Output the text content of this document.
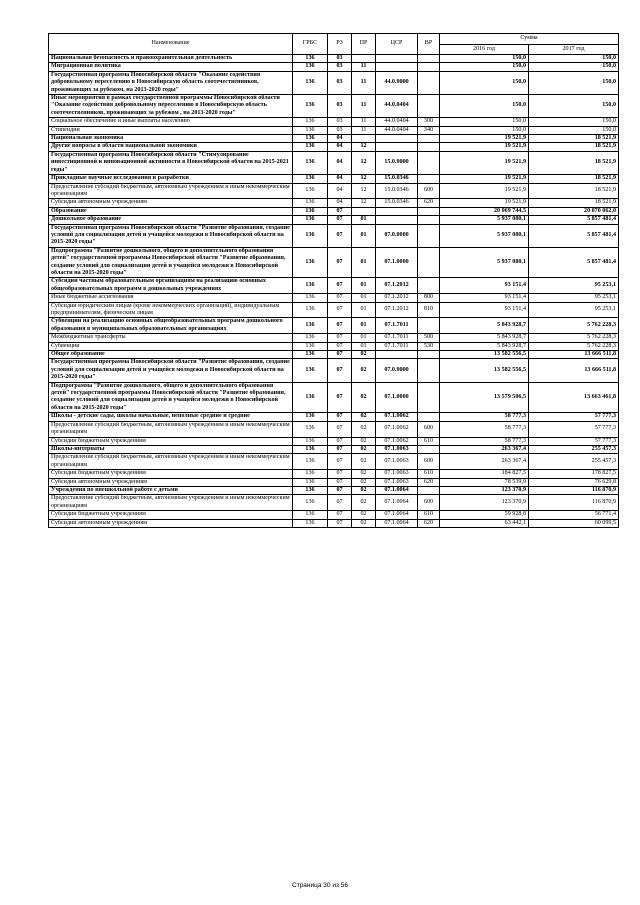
Наименование	ГРБС	РЗ	ПР	ЦСР	ВР	Сумма	
						2016 год	2017 год
Национальная безопасность и правоохранительная деятельность	136	03				150,0	150,0
Миграционная политика	136	03	11			150,0	150,0
Государственная программа Новосибирской области "Оказание содействия добровольному переселению в Новосибирскую область соотечественников, проживающих за рубежом, на 2013-2020 годы"	136	03	11	44.0.0000		150,0	150,0
Иные мероприятия в рамках государственной программы Новосибирской области "Оказание содействия добровольному переселению в Новосибирскую область соотечественников, проживающих за рубежом , на 2013-2020 годы"	136	03	11	44.0.0404		150,0	150,0
Социальное обеспечение и иные выплаты населению	136	03	11	44.0.0404	300	150,0	150,0
Стипендии	136	03	11	44.0.0404	340	150,0	150,0
Национальная экономика	136	04				19 521,9	18 521,9
Другие вопросы в области национальной экономики	136	04	12			19 521,9	18 521,9
Государственная программа Новосибирской области "Стимулирование инвестиционной и инновационной активности в Новосибирской области на 2015-2021 годы"	136	04	12	15.0.0000		19 521,9	18 521,9
Прикладные научные исследования и разработки	136	04	12	15.0.0346		19 521,9	18 521,9
Предоставление субсидий бюджетным, автономным учреждениям и иным некоммерческим организациям	136	04	12	15.0.0346	600	19 521,9	18 521,9
Субсидии автономным учреждениям	136	04	12	15.0.0346	620	19 521,9	18 521,9
Образование	136	07				20 069 744,5	20 070 062,0
Дошкольное образование	136	07	01			5 937 080,1	5 857 481,4
Государственная программа Новосибирской области "Развитие образования, создание условий для социализации детей и учащейся молодежи в Новосибирской области на 2015-2020 годы"	136	07	01	07.0.0000		5 937 080,1	5 857 481,4
Подпрограмма "Развитие дошкольного, общего и дополнительного образования детей" государственной программы Новосибирской области "Развитие образования, создание условий для социализации детей и учащейся молодежи в Новосибирской области на 2015-2020 годы"	136	07	01	07.1.0000		5 937 080,1	5 857 481,4
Субсидии частным образовательным организациям на реализацию основных общеобразовательных программ в дошкольных учреждениях	136	07	01	07.1.2012		93 151,4	95 253,1
Иные бюджетные ассигнования	136	07	01	07.1.2012	800	93 151,4	95 253,1
Субсидии юридическим лицам (кроме некоммерческих организаций), индивидуальным предпринимателям, физическим лицам	136	07	01	07.1.2012	810	93 151,4	95 253,1
Субвенции на реализацию основных общеобразовательных программ дошкольного образования в муниципальных образовательных организациях	136	07	01	07.1.7011		5 843 928,7	5 762 228,3
Межбюджетные трансферты	136	07	01	07.1.7011	500	5 843 928,7	5 762 228,3
Субвенции	136	07	01	07.1.7011	530	5 843 928,7	5 762 228,3
Общее образование	136	07	02			13 582 556,5	13 666 511,8
Государственная программа Новосибирской области "Развитие образования, создание условий для социализации детей и учащейся молодежи в Новосибирской области на 2015-2020 годы"	136	07	02	07.0.0000		13 582 556,5	13 666 511,8
Подпрограмма "Развитие дошкольного, общего и дополнительного образования детей" государственной программы Новосибирской области "Развитие образования, создание условий для социализации детей и учащейся молодежи в Новосибирской области на 2015-2020 годы"	136	07	02	07.1.0000		13 579 506,5	13 663 461,8
Школы - детские сады, школы начальные, неполные средние и средние	136	07	02	07.1.0062		58 777,3	57 777,3
Предоставление субсидий бюджетным, автономным учреждениям и иным некоммерческим организациям	136	07	02	07.1.0062	600	58 777,3	57 777,3
Субсидии бюджетным учреждениям	136	07	02	07.1.0062	610	58 777,3	57 777,3
Школы-интернаты	136	07	02	07.1.0063		263 367,4	255 457,3
Предоставление субсидий бюджетным, автономным учреждениям и иным некоммерческим организациям	136	07	02	07.1.0063	600	263 367,4	255 457,3
Субсидии бюджетным учреждениям	136	07	02	07.1.0063	610	184 827,5	178 827,5
Субсидии автономным учреждениям	136	07	02	07.1.0063	620	78 539,9	76 629,8
Учреждения по внешкольной работе с детьми	136	07	02	07.1.0064		123 370,9	116 870,9
Предоставление субсидий бюджетным, автономным учреждениям и иным некоммерческим организациям	136	07	02	07.1.0064	600	123 370,9	116 870,9
Субсидии бюджетным учреждениям	136	07	02	07.1.0064	610	59 928,8	56 771,4
Субсидии автономным учреждениям	136	07	02	07.1.0064	620	63 442,1	60 099,5
Страница 30 из 56
